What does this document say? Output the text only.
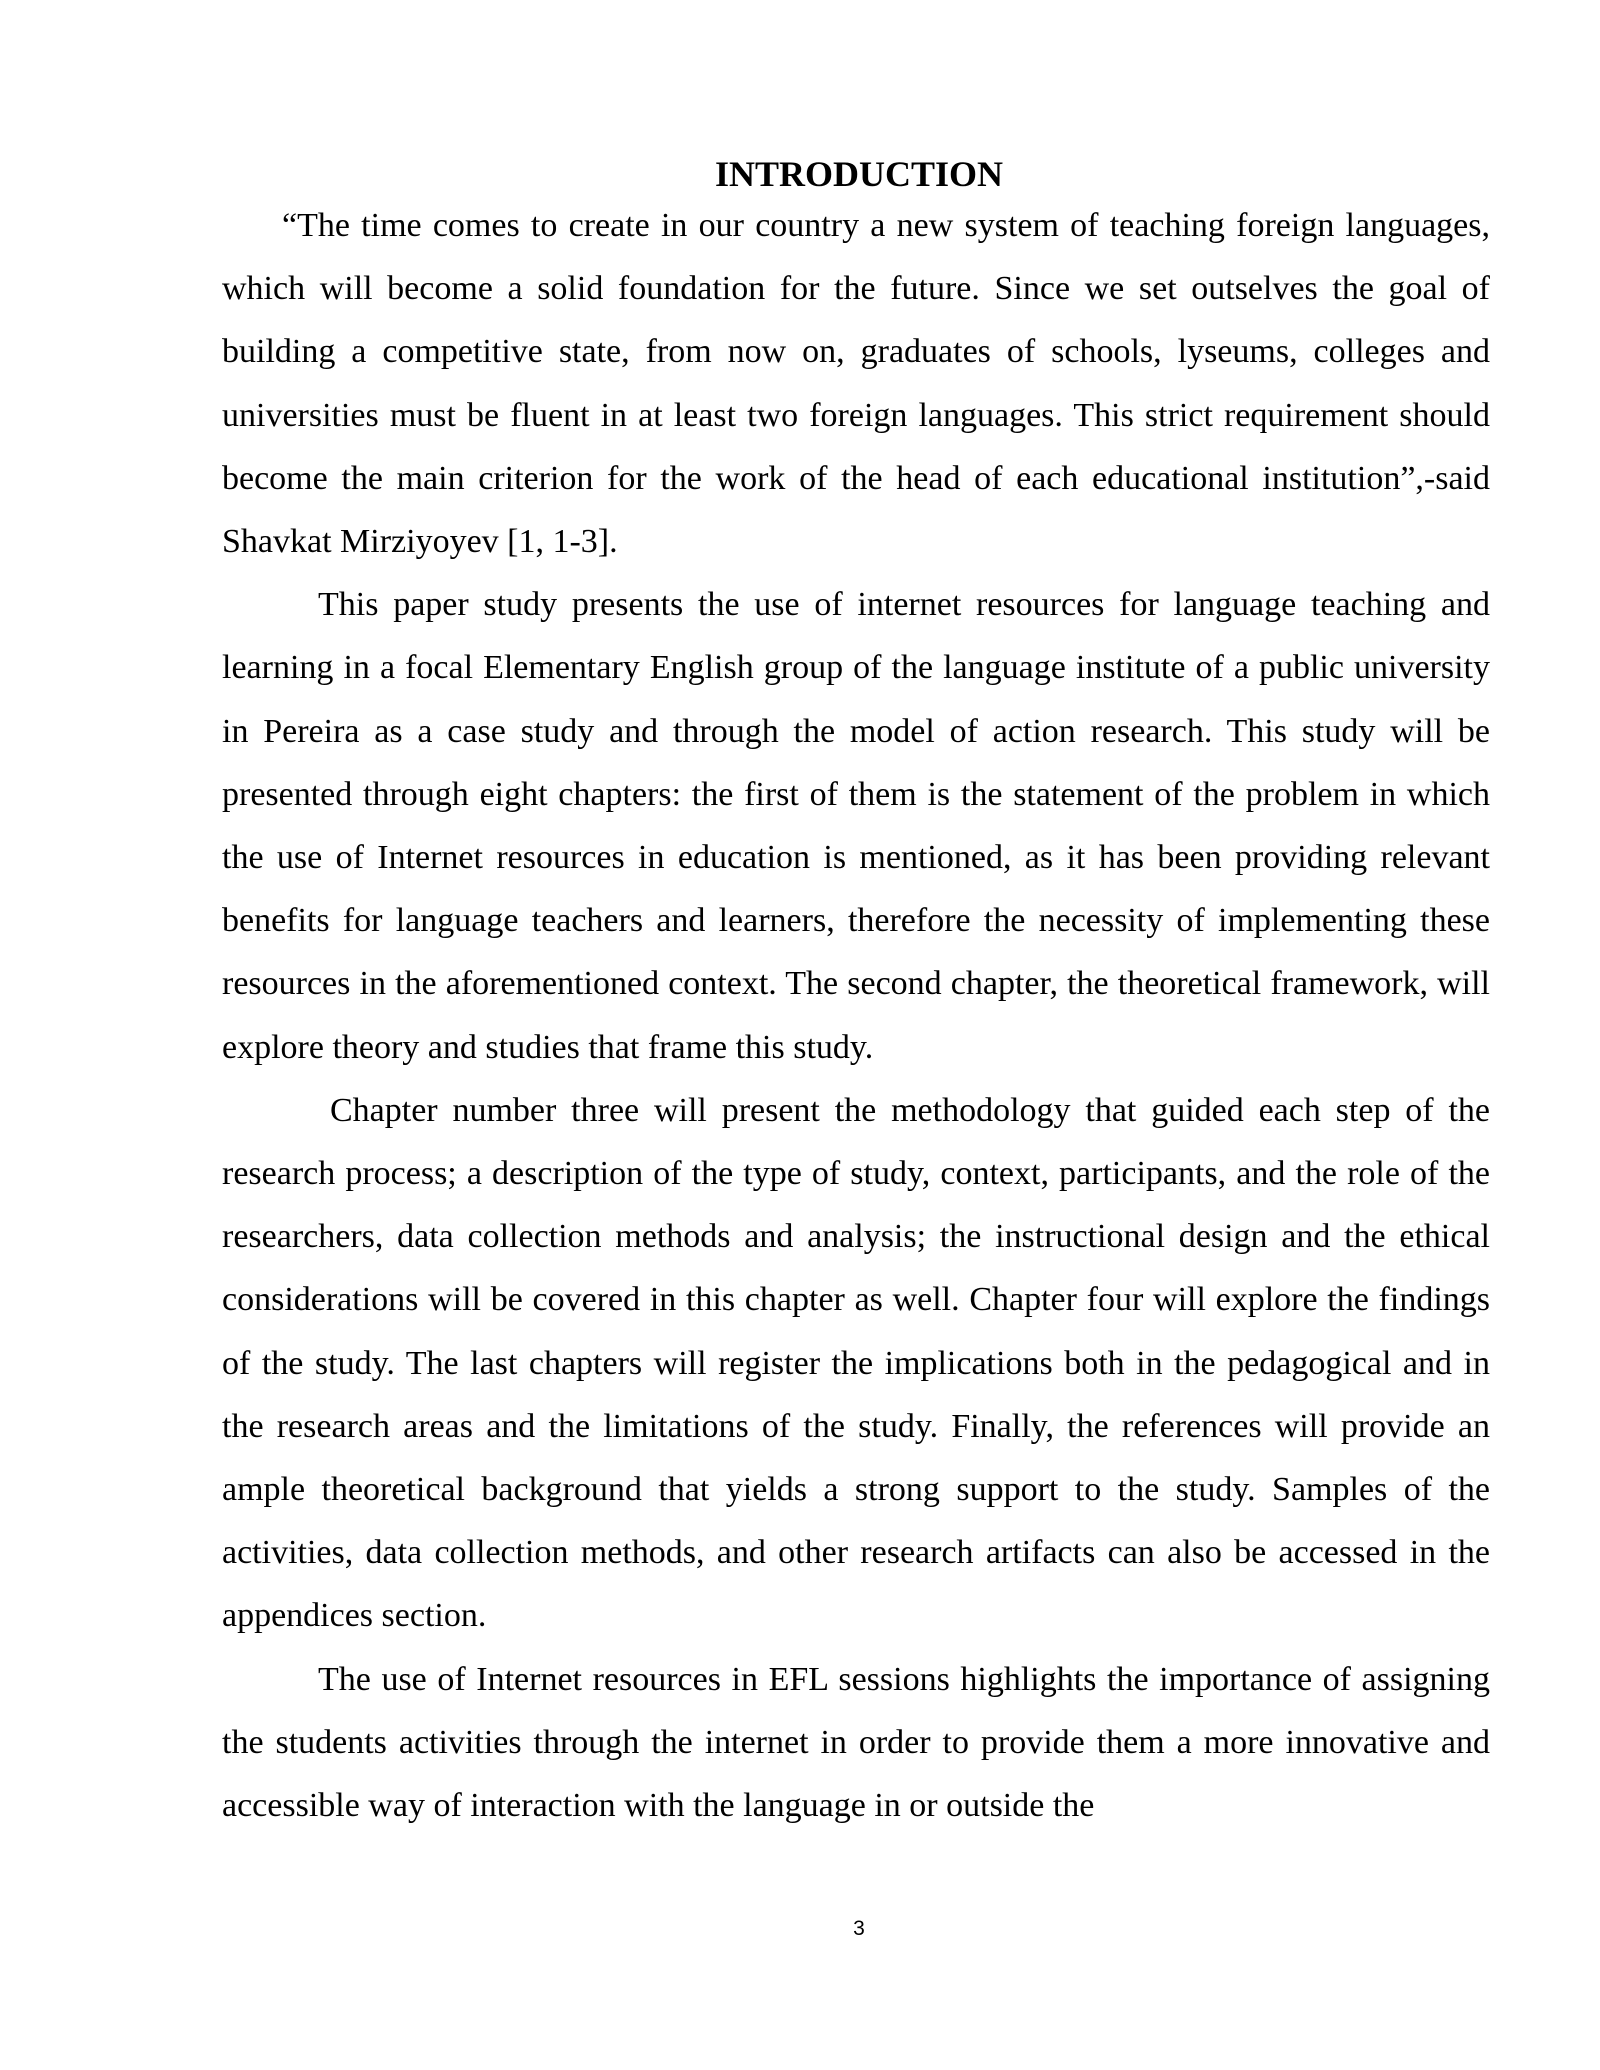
INTRODUCTION

“The time comes to create in our country a new system of teaching foreign languages, which will become a solid foundation for the future. Since we set outselves the goal of building a competitive state, from now on, graduates of schools, lyseums, colleges and universities must be fluent in at least two foreign languages. This strict requirement should become the main criterion for the work of the head of each educational institution”,-said Shavkat Mirziyoyev [1, 1-3].

This paper study presents the use of internet resources for language teaching and learning in a focal Elementary English group of the language institute of a public university in Pereira as a case study and through the model of action research. This study will be presented through eight chapters: the first of them is the statement of the problem in which the use of Internet resources in education is mentioned, as it has been providing relevant benefits for language teachers and learners, therefore the necessity of implementing these resources in the aforementioned context. The second chapter, the theoretical framework, will explore theory and studies that frame this study.

Chapter number three will present the methodology that guided each step of the research process; a description of the type of study, context, participants, and the role of the researchers, data collection methods and analysis; the instructional design and the ethical considerations will be covered in this chapter as well. Chapter four will explore the findings of the study. The last chapters will register the implications both in the pedagogical and in the research areas and the limitations of the study. Finally, the references will provide an ample theoretical background that yields a strong support to the study. Samples of the activities, data collection methods, and other research artifacts can also be accessed in the appendices section.

The use of Internet resources in EFL sessions highlights the importance of assigning the students activities through the internet in order to provide them a more innovative and accessible way of interaction with the language in or outside the

3
